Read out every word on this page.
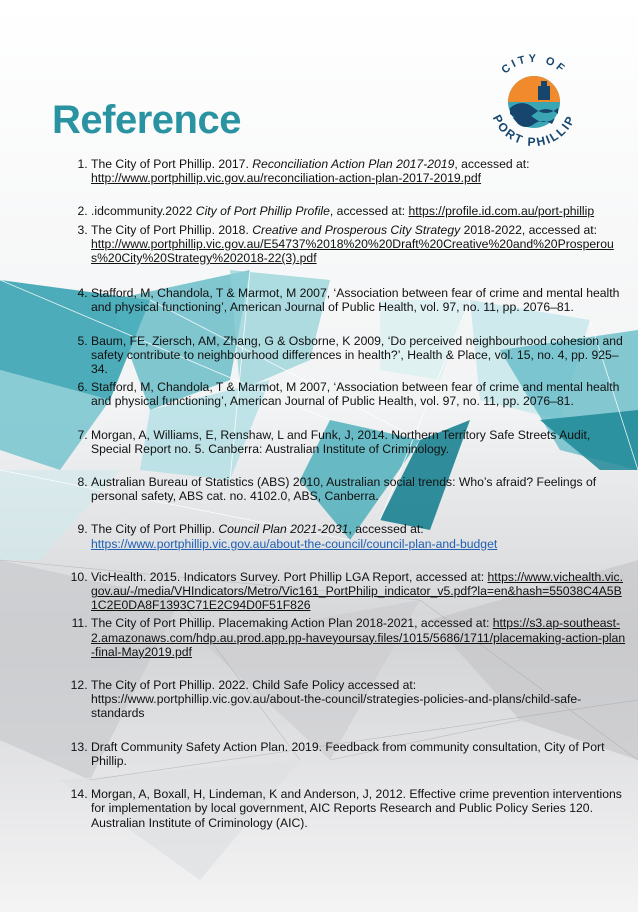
Reference
CITY OF
PORT PHILLIP
1. The City of Port Phillip. 2017. Reconciliation Action Plan 2017-2019, accessed at:
http://www.portphillip.vic.gov.au/reconciliation-action-plan-2017-2019.pdf
2. .idcommunity.2022 City of Port Phillip Profile, accessed at: https://profile.id.com.au/port-phillip
3. The City of Port Phillip. 2018. Creative and Prosperous City Strategy 2018-2022, accessed at:
http://www.portphillip.vic.gov.au/E54737%2018%20%20Draft%20Creative%20and%20Prosperous%20City%20Strategy%202018-22(3).pdf
4. Stafford, M, Chandola, T & Marmot, M 2007, ‘Association between fear of crime and mental health and physical functioning’, American Journal of Public Health, vol. 97, no. 11, pp. 2076–81.
5. Baum, FE, Ziersch, AM, Zhang, G & Osborne, K 2009, ‘Do perceived neighbourhood cohesion and safety contribute to neighbourhood differences in health?’, Health & Place, vol. 15, no. 4, pp. 925–34.
6. Stafford, M, Chandola, T & Marmot, M 2007, ‘Association between fear of crime and mental health and physical functioning’, American Journal of Public Health, vol. 97, no. 11, pp. 2076–81.
7. Morgan, A, Williams, E, Renshaw, L and Funk, J, 2014. Northern Territory Safe Streets Audit, Special Report no. 5. Canberra: Australian Institute of Criminology.
8. Australian Bureau of Statistics (ABS) 2010, Australian social trends: Who’s afraid? Feelings of personal safety, ABS cat. no. 4102.0, ABS, Canberra.
9. The City of Port Phillip. Council Plan 2021-2031, accessed at:
https://www.portphillip.vic.gov.au/about-the-council/council-plan-and-budget
10. VicHealth. 2015. Indicators Survey. Port Phillip LGA Report, accessed at: https://www.vichealth.vic.gov.au/-/media/VHIndicators/Metro/Vic161_PortPhilip_indicator_v5.pdf?la=en&hash=55038C4A5B1C2E0DA8F1393C71E2C94D0F51F826
11. The City of Port Phillip. Placemaking Action Plan 2018-2021, accessed at: https://s3.ap-southeast-2.amazonaws.com/hdp.au.prod.app.pp-haveyoursay.files/1015/5686/1711/placemaking-action-plan-final-May2019.pdf
12. The City of Port Phillip. 2022. Child Safe Policy accessed at: https://www.portphillip.vic.gov.au/about-the-council/strategies-policies-and-plans/child-safe-standards
13. Draft Community Safety Action Plan. 2019. Feedback from community consultation, City of Port Phillip.
14. Morgan, A, Boxall, H, Lindeman, K and Anderson, J, 2012. Effective crime prevention interventions for implementation by local government, AIC Reports Research and Public Policy Series 120. Australian Institute of Criminology (AIC).
